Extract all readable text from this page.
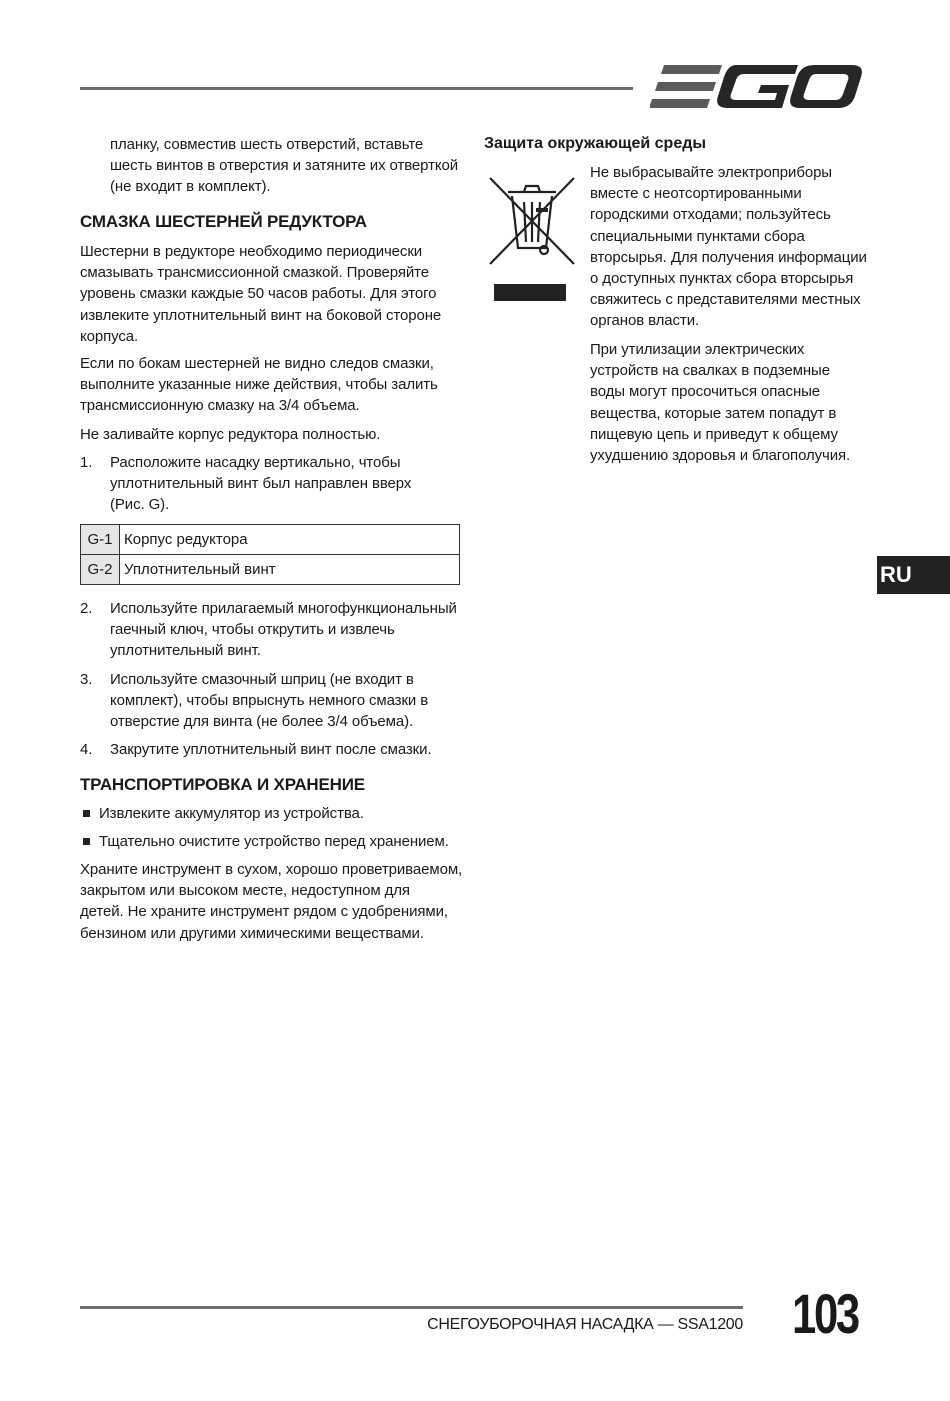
планку, совместив шесть отверстий, вставьте
шесть винтов в отверстия и затяните их отверткой
(не входит в комплект).
СМАЗКА ШЕСТЕРНЕЙ РЕДУКТОРА
Шестерни в редукторе необходимо периодически
смазывать трансмиссионной смазкой. Проверяйте
уровень смазки каждые 50 часов работы. Для этого
извлеките уплотнительный винт на боковой стороне
корпуса.
Если по бокам шестерней не видно следов смазки,
выполните указанные ниже действия, чтобы залить
трансмиссионную смазку на 3/4 объема.
Не заливайте корпус редуктора полностью.
1. Расположите насадку вертикально, чтобы
уплотнительный винт был направлен вверх
(Рис. G).
G-1	Корпус редуктора
G-2	Уплотнительный винт
2. Используйте прилагаемый многофункциональный
гаечный ключ, чтобы открутить и извлечь
уплотнительный винт.
3. Используйте смазочный шприц (не входит в
комплект), чтобы впрыснуть немного смазки в
отверстие для винта (не более 3/4 объема).
4. Закрутите уплотнительный винт после смазки.
ТРАНСПОРТИРОВКА И ХРАНЕНИЕ
Извлеките аккумулятор из устройства.
Тщательно очистите устройство перед хранением.
Храните инструмент в сухом, хорошо проветриваемом,
закрытом или высоком месте, недоступном для
детей. Не храните инструмент рядом с удобрениями,
бензином или другими химическими веществами.
Защита окружающей среды
Не выбрасывайте электроприборы
вместе с неотсортированными
городскими отходами; пользуйтесь
специальными пунктами сбора
вторсырья. Для получения информации
о доступных пунктах сбора вторсырья
свяжитесь с представителями местных
органов власти.
При утилизации электрических
устройств на свалках в подземные
воды могут просочиться опасные
вещества, которые затем попадут в
пищевую цепь и приведут к общему
ухудшению здоровья и благополучия.
RU
СНЕГОУБОРОЧНАЯ НАСАДКА — SSA1200 103
